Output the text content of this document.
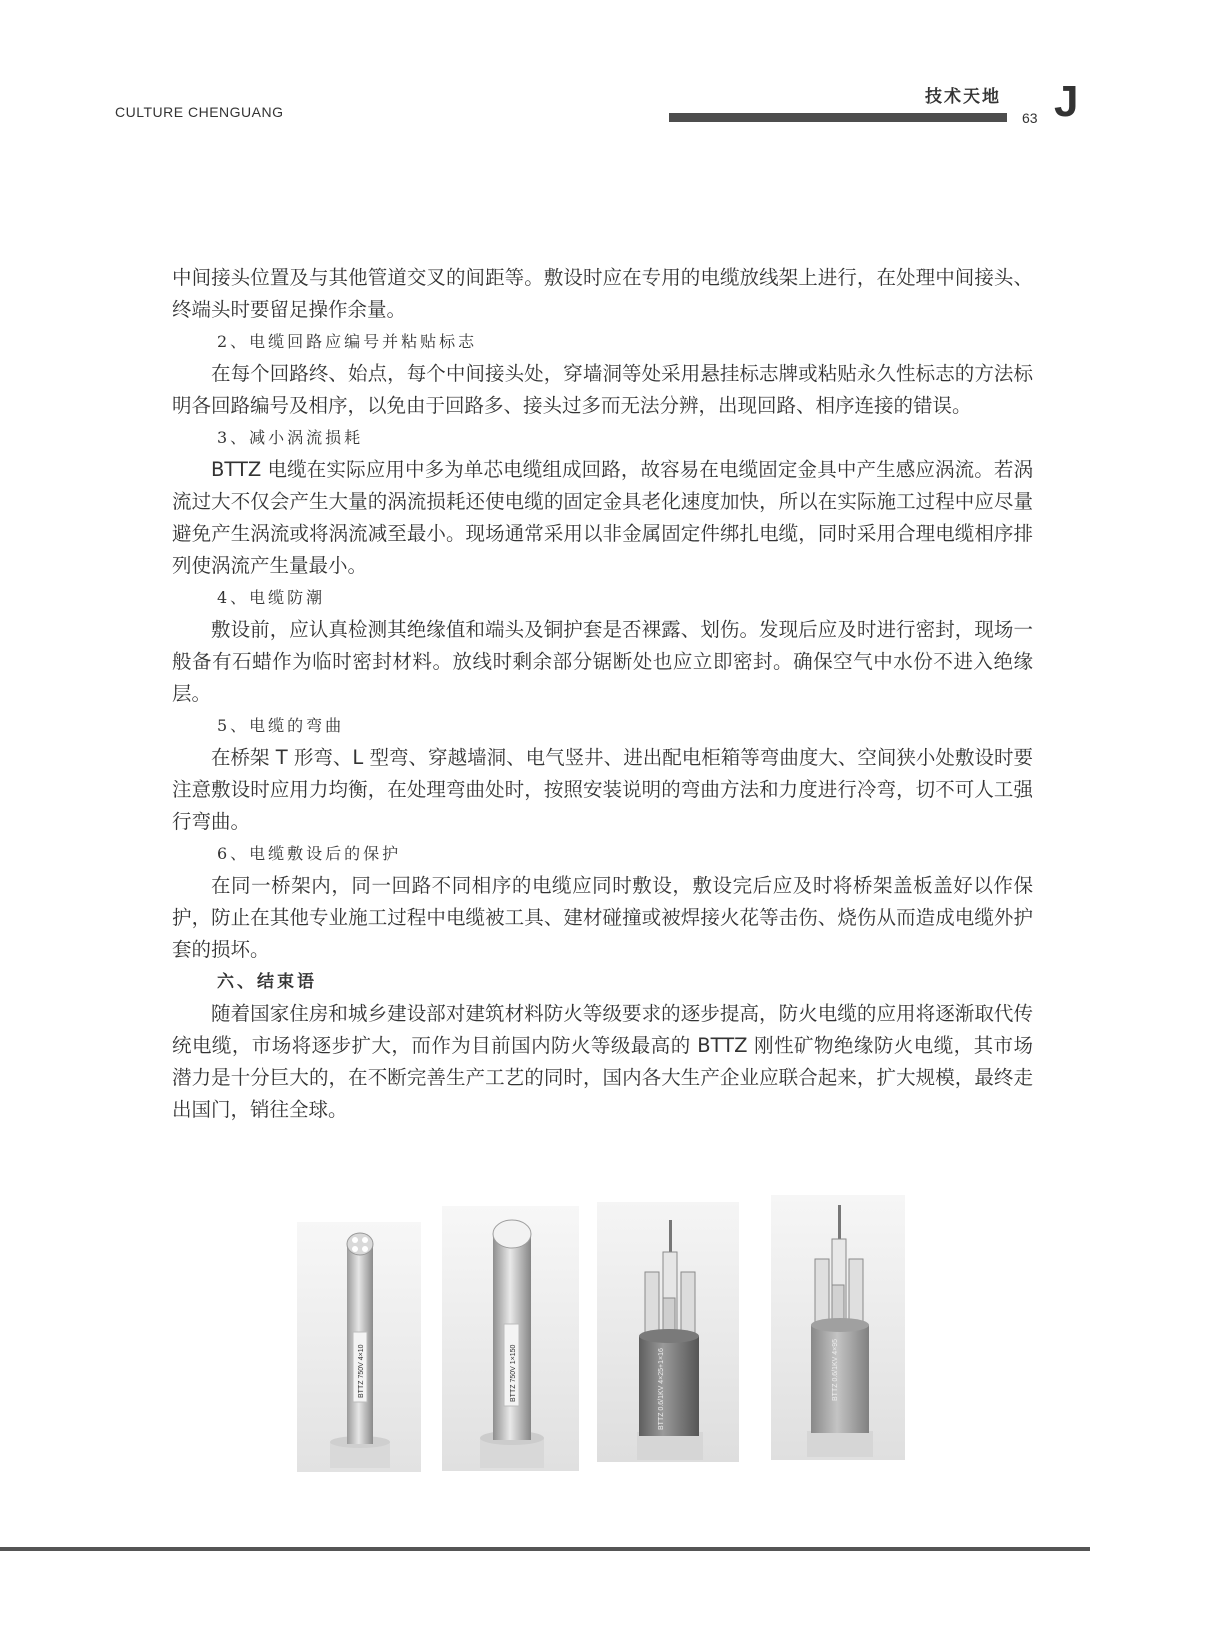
CULTURE CHENGUANG
技术天地
63 J

中间接头位置及与其他管道交叉的间距等。敷设时应在专用的电缆放线架上进行，在处理中间接头、终端头时要留足操作余量。

2、电缆回路应编号并粘贴标志

在每个回路终、始点，每个中间接头处，穿墙洞等处采用悬挂标志牌或粘贴永久性标志的方法标明各回路编号及相序，以免由于回路多、接头过多而无法分辨，出现回路、相序连接的错误。

3、减小涡流损耗

BTTZ 电缆在实际应用中多为单芯电缆组成回路，故容易在电缆固定金具中产生感应涡流。若涡流过大不仅会产生大量的涡流损耗还使电缆的固定金具老化速度加快，所以在实际施工过程中应尽量避免产生涡流或将涡流减至最小。现场通常采用以非金属固定件绑扎电缆，同时采用合理电缆相序排列使涡流产生量最小。

4、电缆防潮

敷设前，应认真检测其绝缘值和端头及铜护套是否裸露、划伤。发现后应及时进行密封，现场一般备有石蜡作为临时密封材料。放线时剩余部分锯断处也应立即密封。确保空气中水份不进入绝缘层。

5、电缆的弯曲

在桥架 T 形弯、L 型弯、穿越墙洞、电气竖井、进出配电柜箱等弯曲度大、空间狭小处敷设时要注意敷设时应用力均衡，在处理弯曲处时，按照安装说明的弯曲方法和力度进行冷弯，切不可人工强行弯曲。

6、电缆敷设后的保护

在同一桥架内，同一回路不同相序的电缆应同时敷设，敷设完后应及时将桥架盖板盖好以作保护，防止在其他专业施工过程中电缆被工具、建材碰撞或被焊接火花等击伤、烧伤从而造成电缆外护套的损坏。

六、结束语

随着国家住房和城乡建设部对建筑材料防火等级要求的逐步提高，防火电缆的应用将逐渐取代传统电缆，市场将逐步扩大，而作为目前国内防火等级最高的 BTTZ 刚性矿物绝缘防火电缆，其市场潜力是十分巨大的，在不断完善生产工艺的同时，国内各大生产企业应联合起来，扩大规模，最终走出国门，销往全球。

BTTZ 750V 4×10	BTTZ 750V 1×150	BTTZ 0.6/1KV 4×25+1×16	BTTZ 0.6/1KV 4×95
